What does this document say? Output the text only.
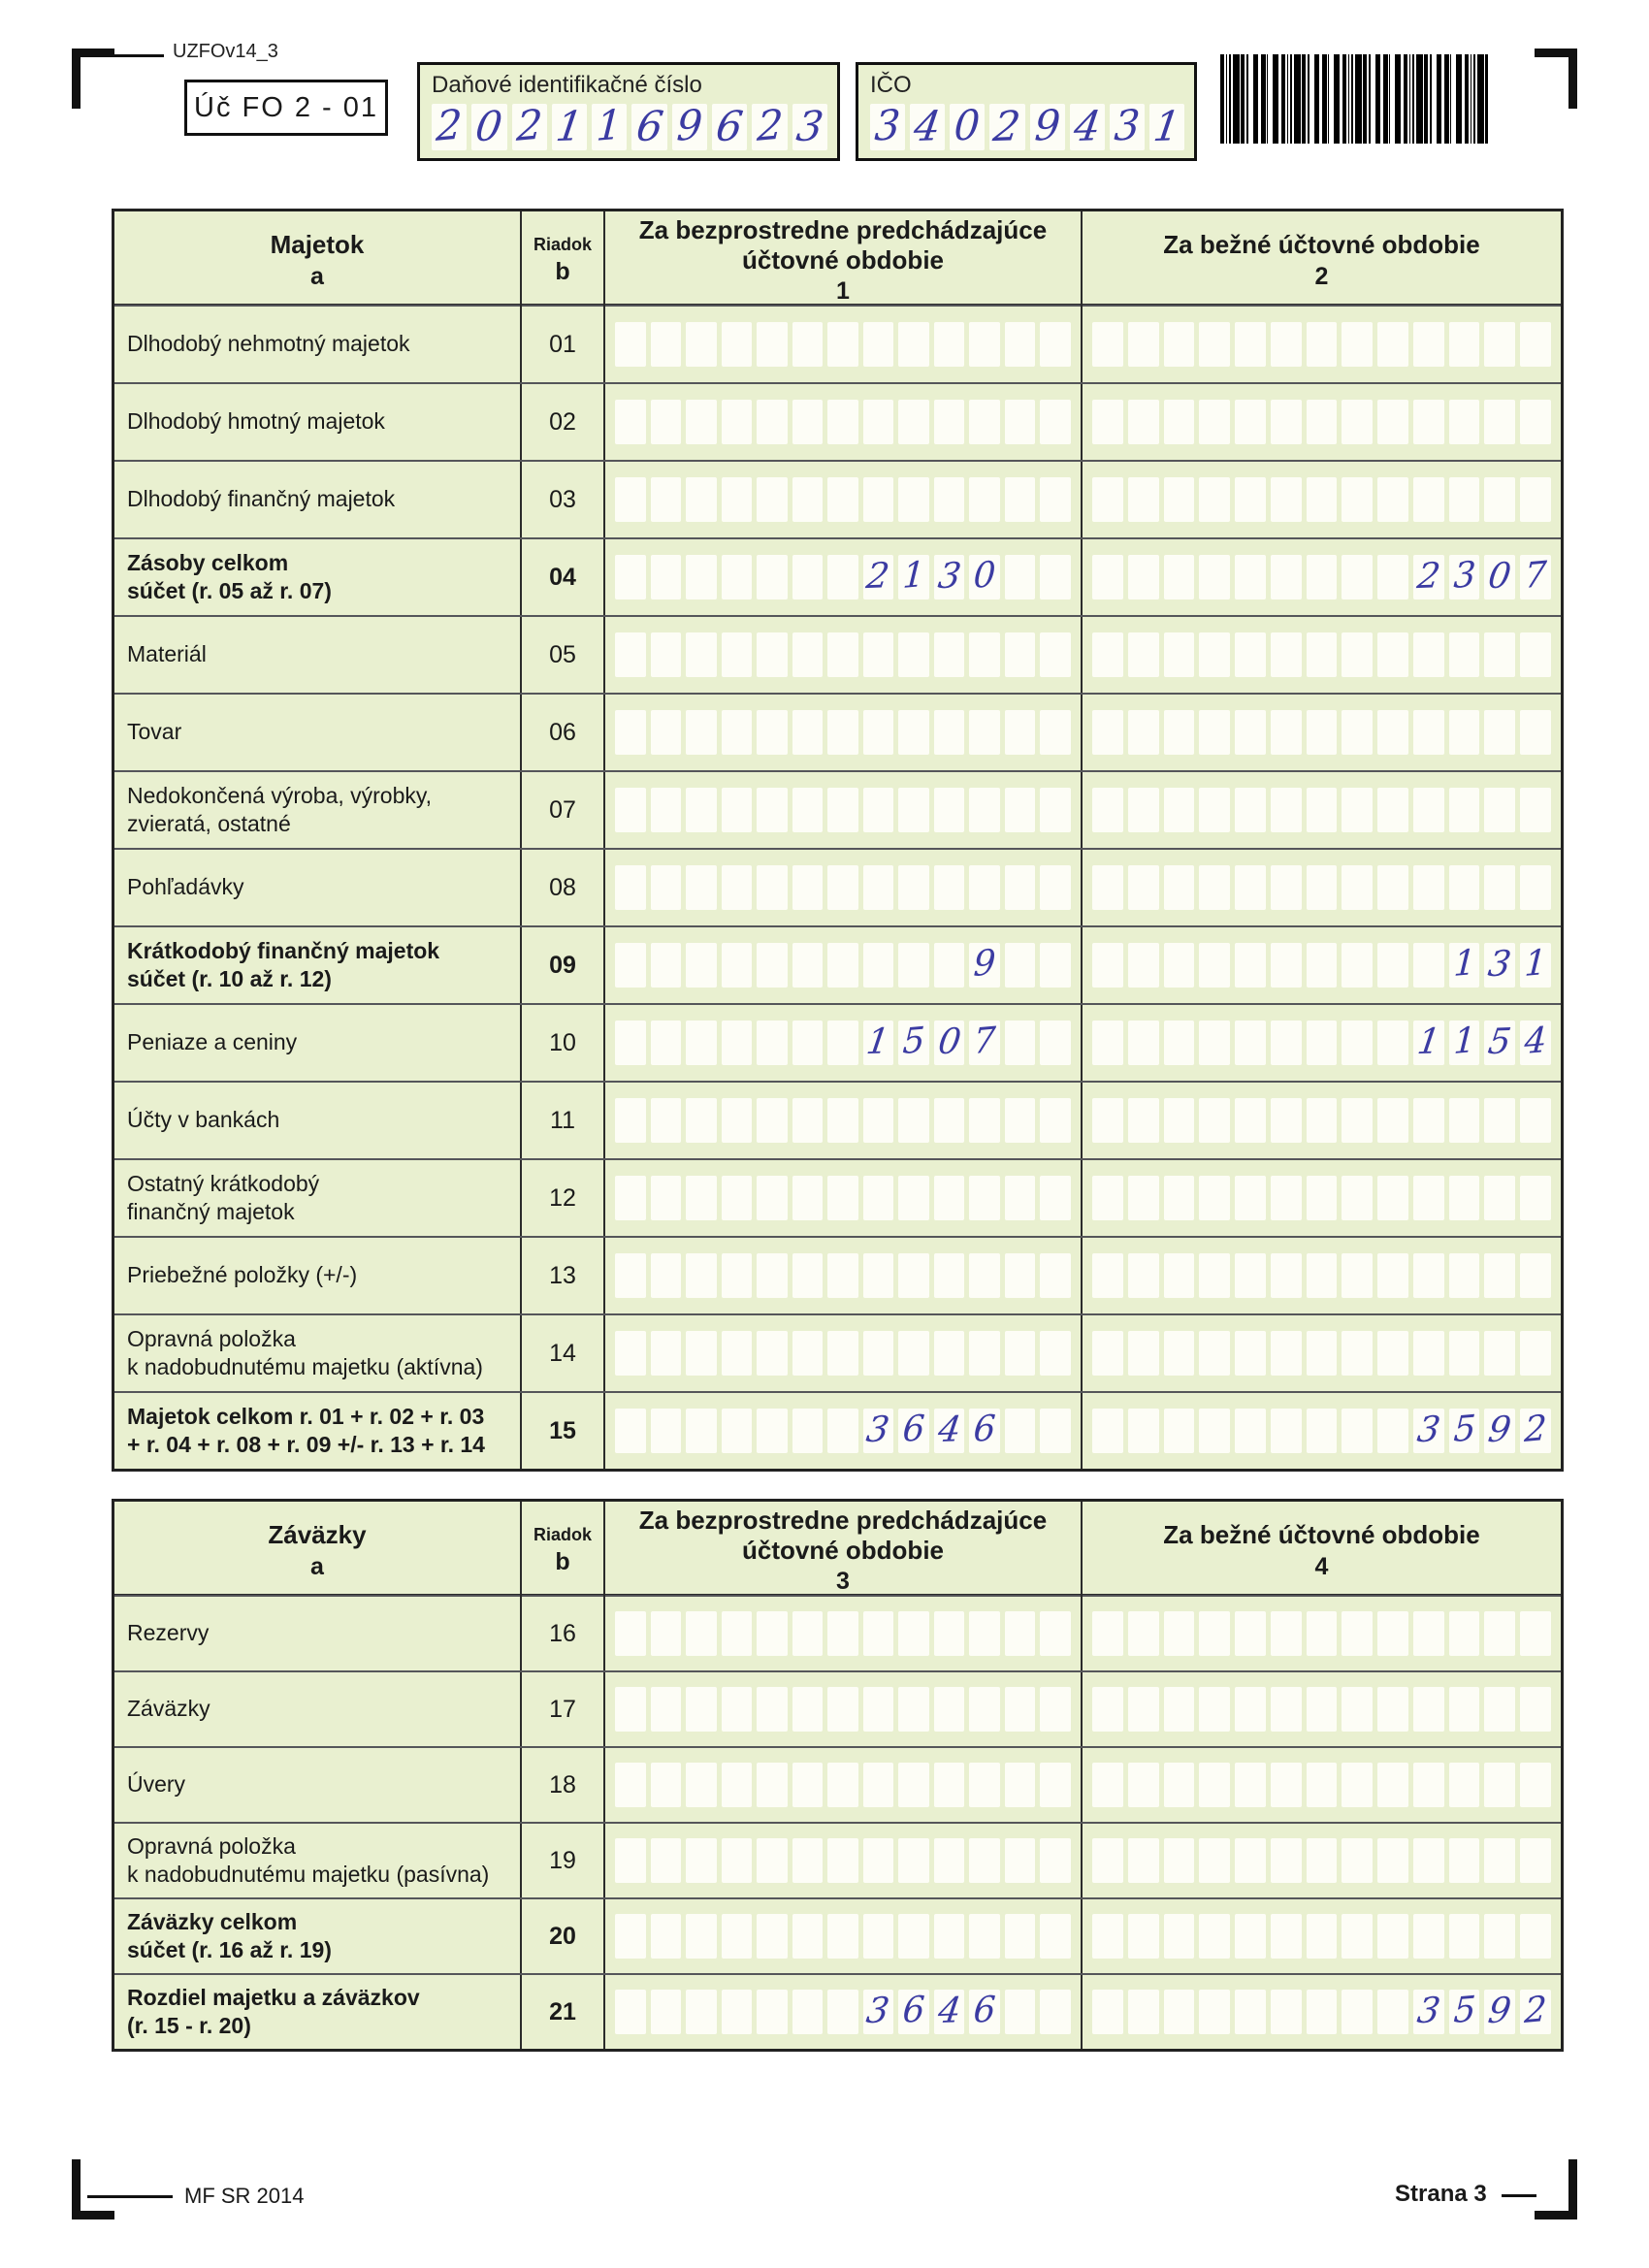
UZFOv14_3
Úč FO 2 - 01
Daňové identifikačné číslo
2 0 2 1 1 6 9 6 2 3
IČO
3 4 0 2 9 4 3 1
Majetok
a
Riadok
b
Za bezprostredne predchádzajúce účtovné obdobie
1
Za bežné účtovné obdobie
2
Dlhodobý nehmotný majetok	01
Dlhodobý hmotný majetok	02
Dlhodobý finančný majetok	03
Zásoby celkom
súčet (r. 05 až r. 07)
04	2 1 3 0	2 3 0 7
Materiál	05
Tovar	06
Nedokončená výroba, výrobky,
zvieratá, ostatné
07
Pohľadávky	08
Krátkodobý finančný majetok
súčet (r. 10 až r. 12)
09	9	1 3 1
Peniaze a ceniny	10	1 5 0 7	1 1 5 4
Účty v bankách	11
Ostatný krátkodobý
finančný majetok
12
Priebežné položky (+/-)	13
Opravná položka
k nadobudnutému majetku (aktívna)
14
Majetok celkom r. 01 + r. 02 + r. 03
+ r. 04 + r. 08 + r. 09 +/- r. 13 + r. 14
15	3 6 4 6	3 5 9 2
Záväzky
a
Riadok
b
Za bezprostredne predchádzajúce účtovné obdobie
3
Za bežné účtovné obdobie
4
Rezervy	16
Záväzky	17
Úvery	18
Opravná položka
k nadobudnutému majetku (pasívna)
19
Záväzky celkom
súčet (r. 16 až r. 19)
20
Rozdiel majetku a záväzkov
(r. 15 - r. 20)
21	3 6 4 6	3 5 9 2
MF SR 2014	Strana 3
